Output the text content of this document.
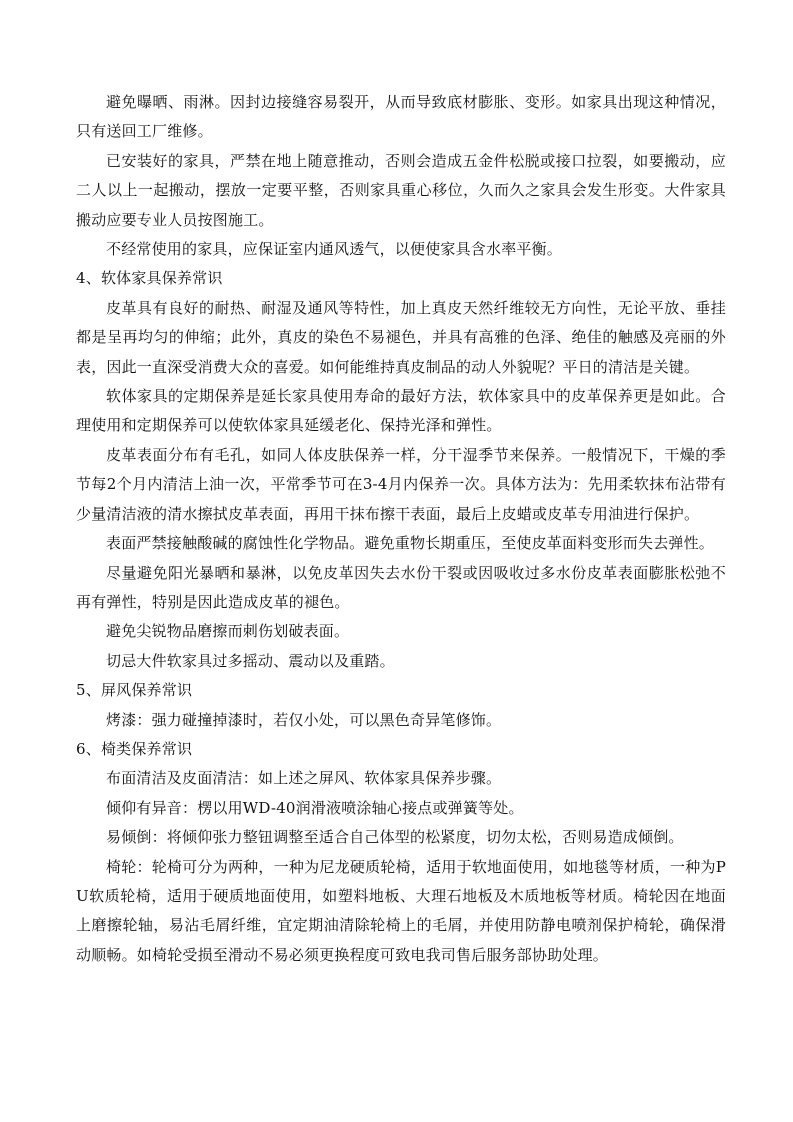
避免曝晒、雨淋。因封边接缝容易裂开，从而导致底材膨胀、变形。如家具出现这种情况，只有送回工厂维修。

已安装好的家具，严禁在地上随意推动，否则会造成五金件松脱或接口拉裂，如要搬动，应二人以上一起搬动，摆放一定要平整，否则家具重心移位，久而久之家具会发生形变。大件家具搬动应要专业人员按图施工。

不经常使用的家具，应保证室内通风透气，以便使家具含水率平衡。

4、软体家具保养常识

皮革具有良好的耐热、耐湿及通风等特性，加上真皮天然纤维较无方向性，无论平放、垂挂都是呈再均匀的伸缩；此外，真皮的染色不易褪色，并具有高雅的色泽、绝佳的触感及亮丽的外表，因此一直深受消费大众的喜爱。如何能维持真皮制品的动人外貌呢？平日的清洁是关键。

软体家具的定期保养是延长家具使用寿命的最好方法，软体家具中的皮革保养更是如此。合理使用和定期保养可以使软体家具延缓老化、保持光泽和弹性。

皮革表面分布有毛孔，如同人体皮肤保养一样，分干湿季节来保养。一般情况下，干燥的季节每2个月内清洁上油一次，平常季节可在3-4月内保养一次。具体方法为：先用柔软抹布沾带有少量清洁液的清水擦拭皮革表面，再用干抹布擦干表面，最后上皮蜡或皮革专用油进行保护。

表面严禁接触酸碱的腐蚀性化学物品。避免重物长期重压，至使皮革面料变形而失去弹性。

尽量避免阳光暴晒和暴淋，以免皮革因失去水份干裂或因吸收过多水份皮革表面膨胀松弛不再有弹性，特别是因此造成皮革的褪色。

避免尖锐物品磨擦而刺伤划破表面。

切忌大件软家具过多摇动、震动以及重踏。

5、屏风保养常识

烤漆：强力碰撞掉漆时，若仅小处，可以黑色奇异笔修饰。

6、椅类保养常识

布面清洁及皮面清洁：如上述之屏风、软体家具保养步骤。

倾仰有异音：楞以用WD-40润滑液喷涂轴心接点或弹簧等处。

易倾倒：将倾仰张力整钮调整至适合自己体型的松紧度，切勿太松，否则易造成倾倒。

椅轮：轮椅可分为两种，一种为尼龙硬质轮椅，适用于软地面使用，如地毯等材质，一种为PU软质轮椅，适用于硬质地面使用，如塑料地板、大理石地板及木质地板等材质。椅轮因在地面上磨擦轮轴，易沾毛屑纤维，宜定期油清除轮椅上的毛屑，并使用防静电喷剂保护椅轮，确保滑动顺畅。如椅轮受损至滑动不易必须更换程度可致电我司售后服务部协助处理。
